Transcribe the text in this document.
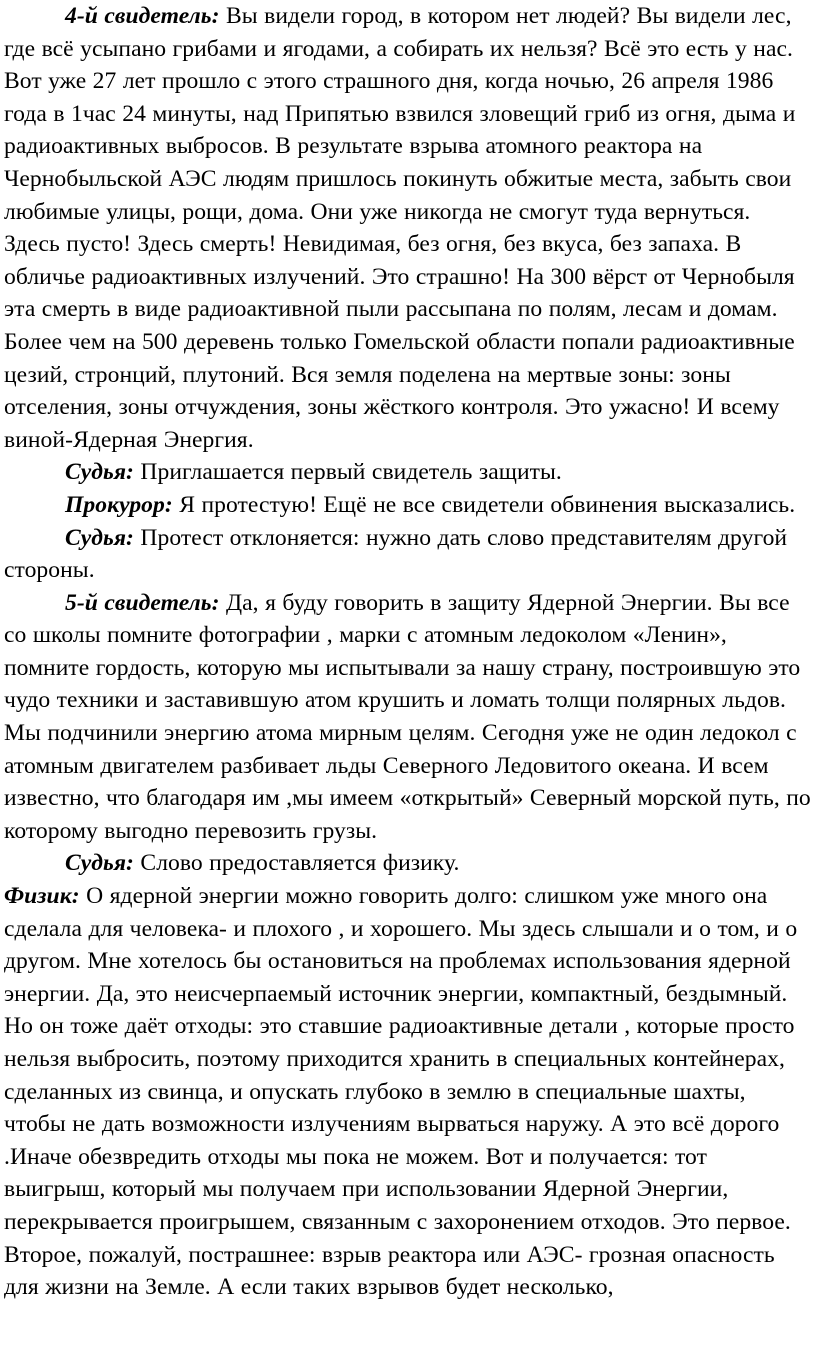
4-й свидетель: Вы видели город, в котором нет людей? Вы видели лес, где всё усыпано грибами и ягодами, а собирать их нельзя? Всё это есть у нас.

Вот уже 27 лет прошло с этого страшного дня, когда ночью, 26 апреля 1986 года в 1час 24 минуты, над Припятью взвился зловещий гриб из огня, дыма и радиоактивных выбросов. В результате взрыва атомного реактора на Чернобыльской АЭС людям пришлось покинуть обжитые места, забыть свои любимые улицы, рощи, дома. Они уже никогда не смогут туда вернуться. Здесь пусто! Здесь смерть! Невидимая, без огня, без вкуса, без запаха. В обличье радиоактивных излучений. Это страшно! На 300 вёрст от Чернобыля эта смерть в виде радиоактивной пыли рассыпана по полям, лесам и домам. Более чем на 500 деревень только Гомельской области попали радиоактивные цезий, стронций, плутоний. Вся земля поделена на мертвые зоны: зоны отселения, зоны отчуждения, зоны жёсткого контроля. Это ужасно! И всему виной-Ядерная Энергия.

Судья: Приглашается первый свидетель защиты.

Прокурор: Я протестую! Ещё не все свидетели обвинения высказались.

Судья: Протест отклоняется: нужно дать слово представителям другой стороны.

5-й свидетель: Да, я буду говорить в защиту Ядерной Энергии. Вы все со школы помните фотографии , марки с атомным ледоколом «Ленин», помните гордость, которую мы испытывали за нашу страну, построившую это чудо техники и заставившую атом крушить и ломать толщи полярных льдов. Мы подчинили энергию атома мирным целям. Сегодня уже не один ледокол с атомным двигателем разбивает льды Северного Ледовитого океана. И всем известно, что благодаря им ,мы имеем «открытый» Северный морской путь, по которому выгодно перевозить грузы.

Судья: Слово предоставляется физику.

Физик: О ядерной энергии можно говорить долго: слишком уже много она сделала для человека- и плохого , и хорошего. Мы здесь слышали и о том, и о другом. Мне хотелось бы остановиться на проблемах использования ядерной энергии. Да, это неисчерпаемый источник энергии, компактный, бездымный. Но он тоже даёт отходы: это ставшие радиоактивные детали , которые просто нельзя выбросить, поэтому приходится хранить в специальных контейнерах, сделанных из свинца, и опускать глубоко в землю в специальные шахты, чтобы не дать возможности излучениям вырваться наружу. А это всё дорого .Иначе обезвредить отходы мы пока не можем. Вот и получается: тот выигрыш, который мы получаем при использовании Ядерной Энергии, перекрывается проигрышем, связанным с захоронением отходов. Это первое. Второе, пожалуй, пострашнее: взрыв реактора или АЭС- грозная опасность для жизни на Земле. А если таких взрывов будет несколько,
